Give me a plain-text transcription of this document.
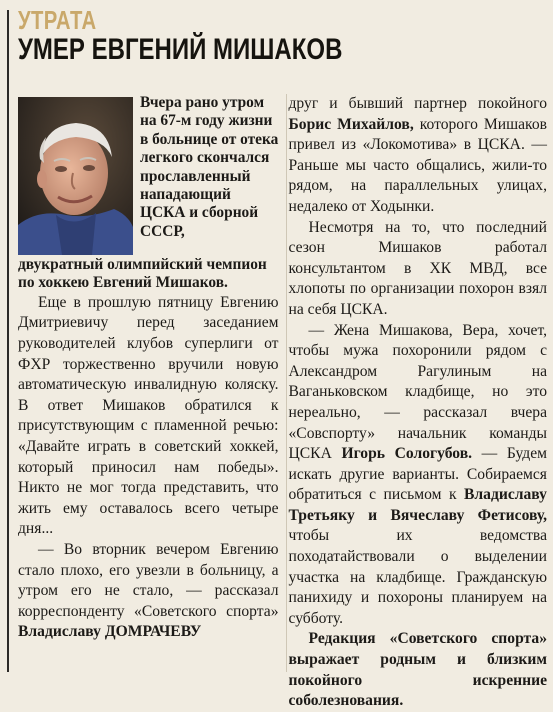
УТРАТА
УМЕР ЕВГЕНИЙ МИШАКОВ
Вчера рано утром на 67-м году жизни в больнице от отека легкого скончался прославленный нападающий ЦСКА и сборной СССР,
двукратный олимпийский чемпион по хоккею Евгений Мишаков.

Еще в прошлую пятницу Евгению Дмитриевичу перед заседанием руководителей клубов суперлиги от ФХР торжественно вручили новую автоматическую инвалидную коляску. В ответ Мишаков обратился к присутствующим с пламенной речью: «Давайте играть в советский хоккей, который приносил нам победы». Никто не мог тогда представить, что жить ему оставалось всего четыре дня...

— Во вторник вечером Евгению стало плохо, его увезли в больницу, а утром его не стало, — рассказал корреспонденту «Советского спорта» Владиславу ДОМРАЧЕВУ

друг и бывший партнер покойного Борис Михайлов, которого Мишаков привел из «Локомотива» в ЦСКА. — Раньше мы часто общались, жили-то рядом, на параллельных улицах, недалеко от Ходынки.

Несмотря на то, что последний сезон Мишаков работал консультантом в ХК МВД, все хлопоты по организации похорон взял на себя ЦСКА.

— Жена Мишакова, Вера, хочет, чтобы мужа похоронили рядом с Александром Рагулиным на Ваганьковском кладбище, но это нереально, — рассказал вчера «Совспорту» начальник команды ЦСКА Игорь Сологубов. — Будем искать другие варианты. Собираемся обратиться с письмом к Владиславу Третьяку и Вячеславу Фетисову, чтобы их ведомства походатайствовали о выделении участка на кладбище. Гражданскую панихиду и похороны планируем на субботу.

Редакция «Советского спорта» выражает родным и близким покойного искренние соболезнования.
